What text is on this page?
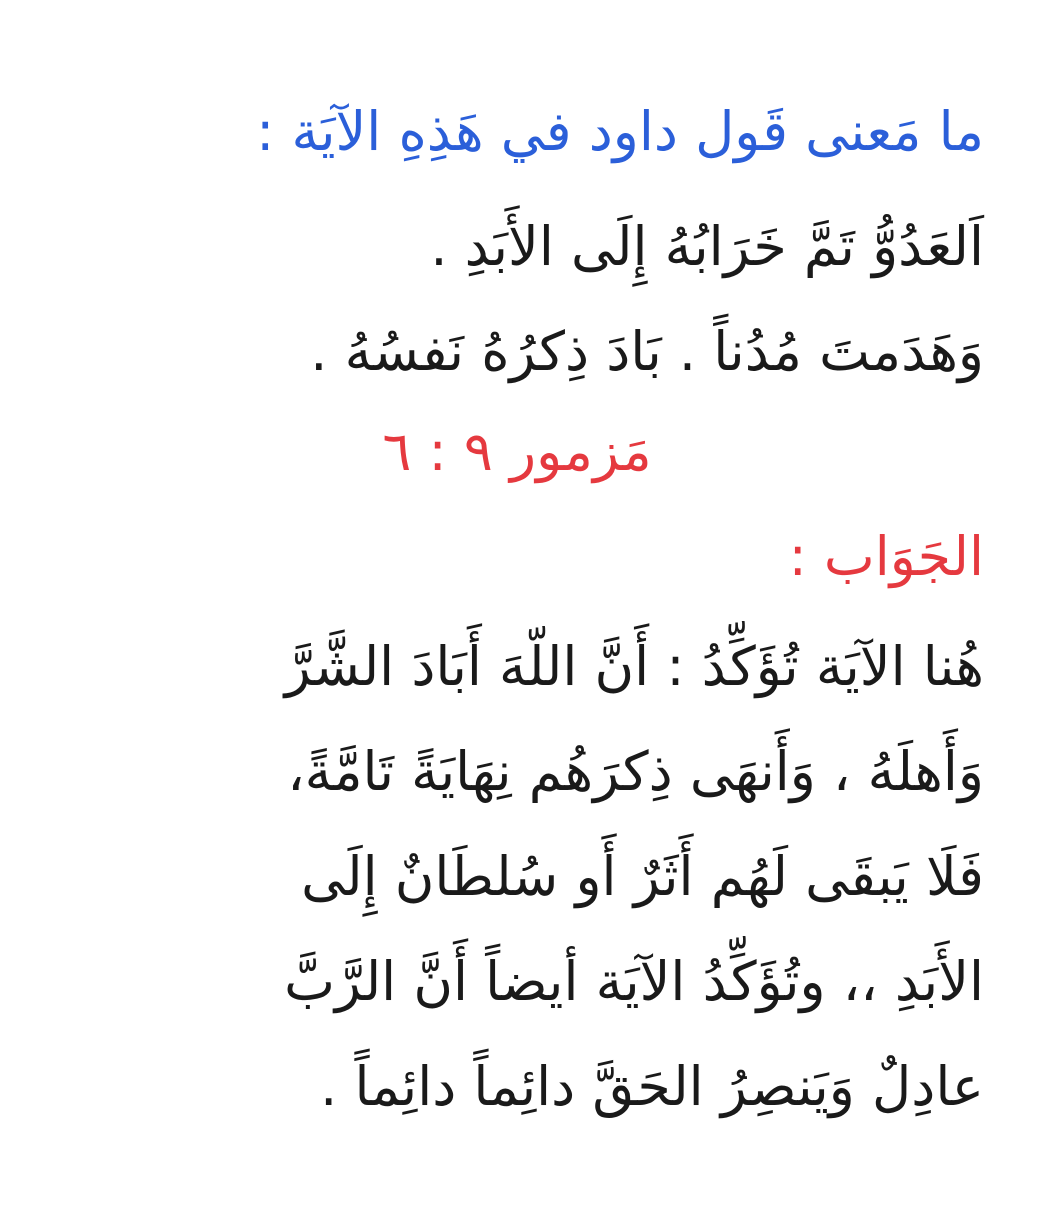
ما مَعنى قَول داود في هَذِهِ الآيَة :
اَلعَدُوُّ تَمَّ خَرَابُهُ إِلَى الأَبَدِ .
وَهَدَمتَ مُدُناً . بَادَ ذِكرُهُ نَفسُهُ .
مَزمور ٩ : ٦
الجَوَاب :
هُنا الآيَة تُؤَكِّدُ : أَنَّ اللّهَ أَبَادَ الشَّرَّ
وَأَهلَهُ ، وَأَنهَى ذِكرَهُم نِهَايَةً تَامَّةً،
فَلَا يَبقَى لَهُم أَثَرٌ أَو سُلطَانٌ إِلَى
الأَبَدِ ،، وتُؤَكِّدُ الآيَة أيضاً أَنَّ الرَّبَّ
عادِلٌ وَيَنصِرُ الحَقَّ دائِماً دائِماً .
